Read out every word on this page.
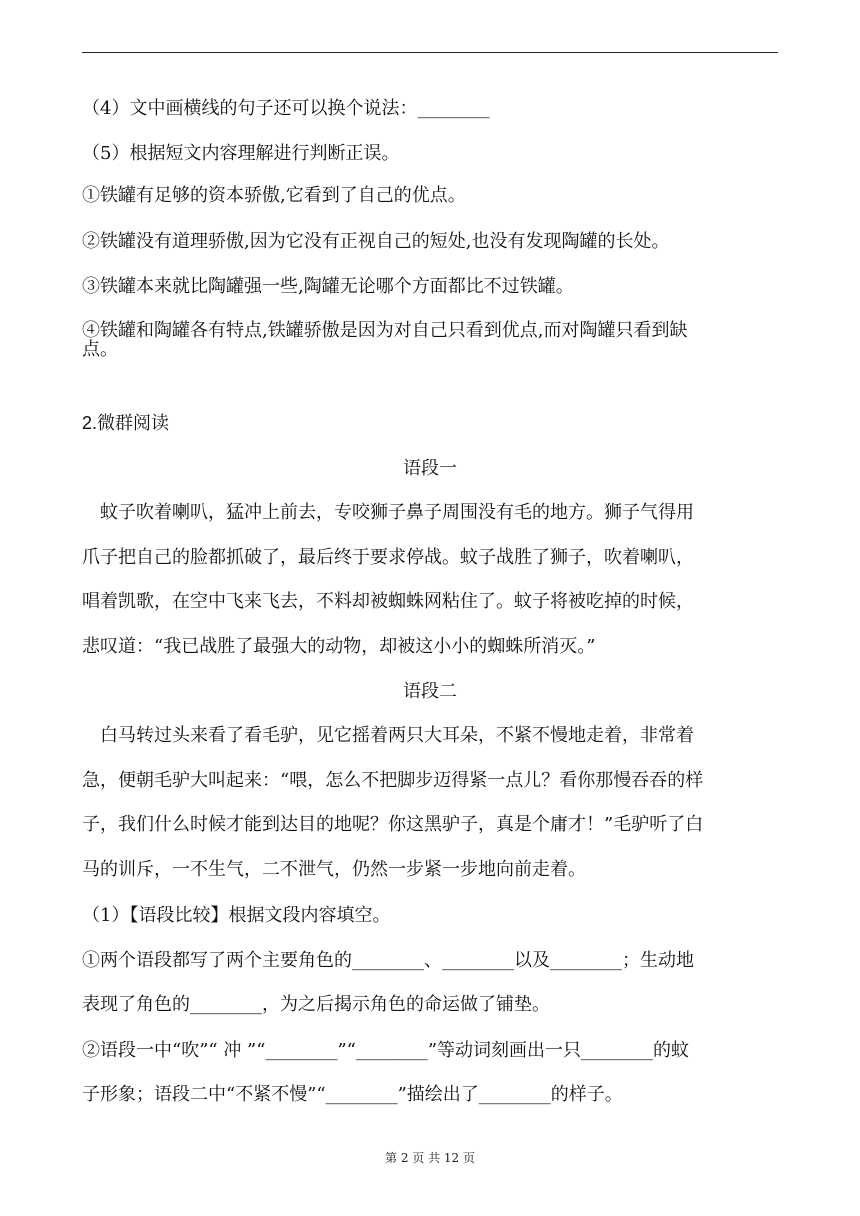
（4）文中画横线的句子还可以换个说法：________
（5）根据短文内容理解进行判断正误。
①铁罐有足够的资本骄傲,它看到了自己的优点。
②铁罐没有道理骄傲,因为它没有正视自己的短处,也没有发现陶罐的长处。
③铁罐本来就比陶罐强一些,陶罐无论哪个方面都比不过铁罐。
④铁罐和陶罐各有特点,铁罐骄傲是因为对自己只看到优点,而对陶罐只看到缺
点。
2.微群阅读
语段一
蚊子吹着喇叭，猛冲上前去，专咬狮子鼻子周围没有毛的地方。狮子气得用
爪子把自己的脸都抓破了，最后终于要求停战。蚊子战胜了狮子，吹着喇叭，
唱着凯歌，在空中飞来飞去，不料却被蜘蛛网粘住了。蚊子将被吃掉的时候，
悲叹道：“我已战胜了最强大的动物，却被这小小的蜘蛛所消灭。”
语段二
白马转过头来看了看毛驴，见它摇着两只大耳朵，不紧不慢地走着，非常着
急，便朝毛驴大叫起来：“喂，怎么不把脚步迈得紧一点儿？看你那慢吞吞的样
子，我们什么时候才能到达目的地呢？你这黑驴子，真是个庸才！”毛驴听了白
马的训斥，一不生气，二不泄气，仍然一步紧一步地向前走着。
（1）【语段比较】根据文段内容填空。
①两个语段都写了两个主要角色的________、________以及________；生动地
表现了角色的________，为之后揭示角色的命运做了铺垫。
②语段一中“吹”“ 冲 ”“________”“________”等动词刻画出一只________的蚊
子形象；语段二中“不紧不慢”“________”描绘出了________的样子。
第 2 页 共 12 页
